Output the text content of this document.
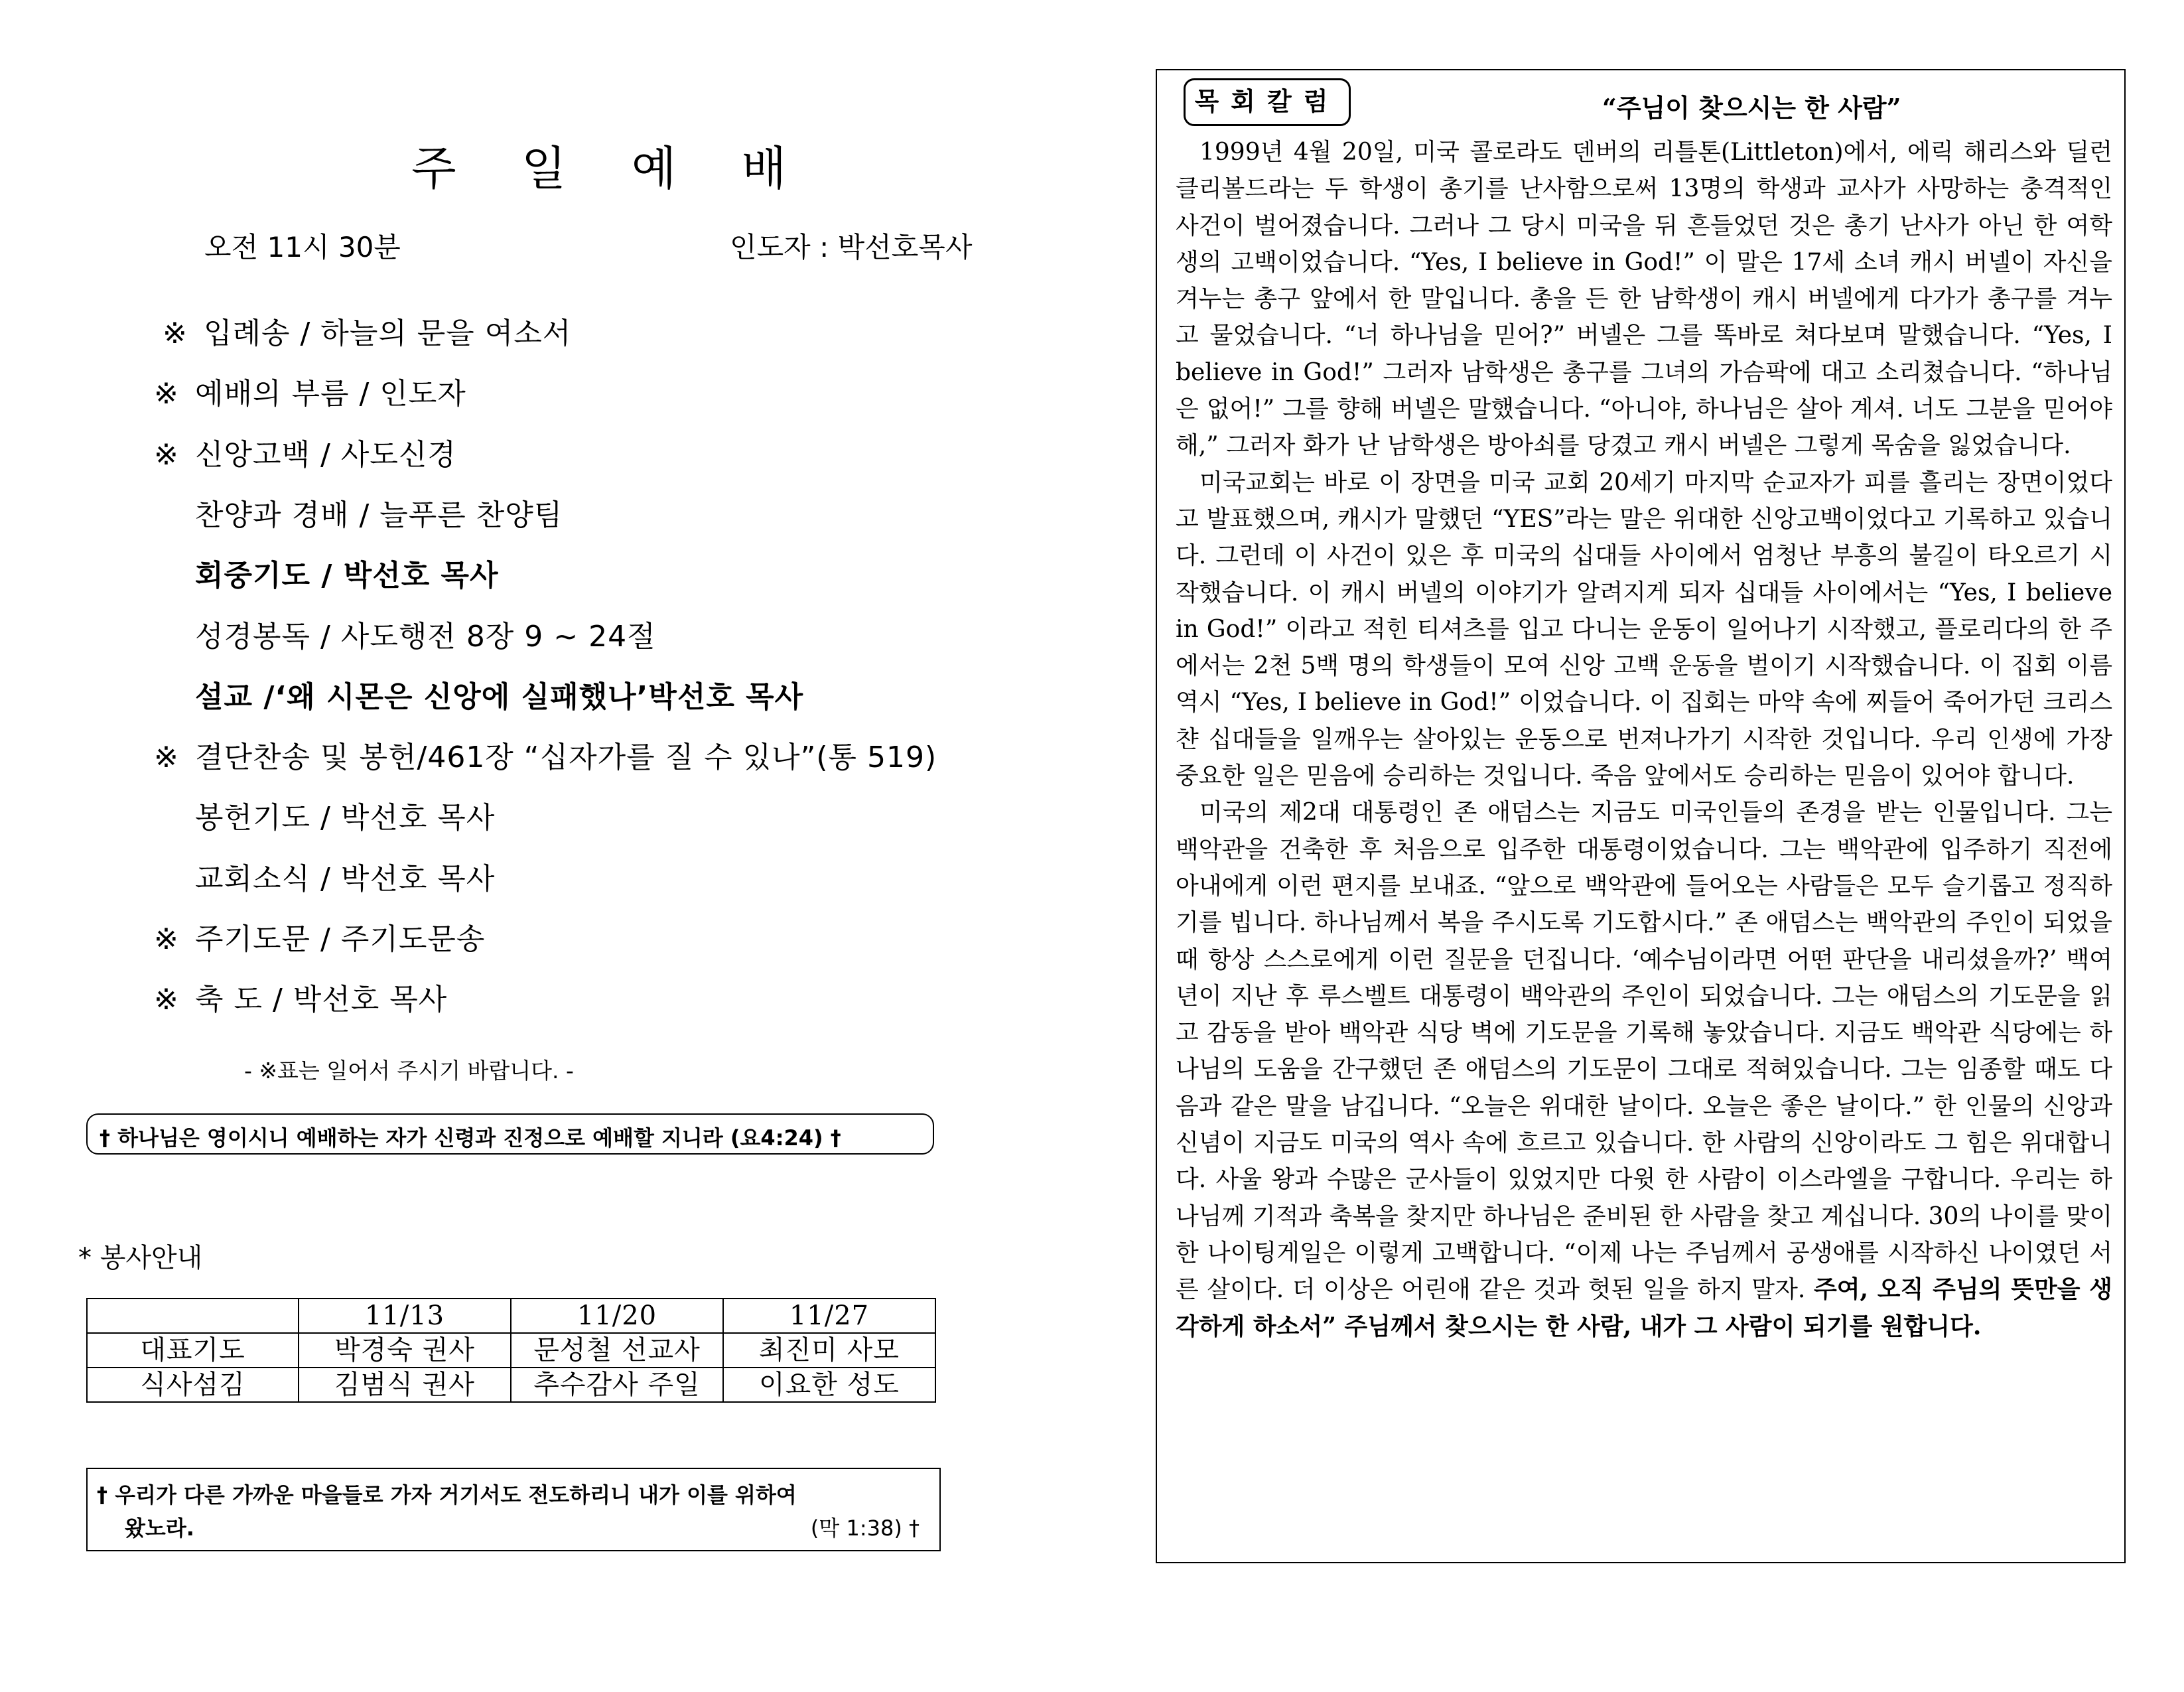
주 일 예 배
오전 11시 30분	인도자 : 박선호목사
※ 입례송 / 하늘의 문을 여소서
※ 예배의 부름 / 인도자
※ 신앙고백 / 사도신경
찬양과 경배 / 늘푸른 찬양팀
회중기도 / 박선호 목사
성경봉독 / 사도행전 8장 9 ~ 24절
설교 /‘왜 시몬은 신앙에 실패했나’박선호 목사
※ 결단찬송 및 봉헌/461장 “십자가를 질 수 있나”(통 519)
봉헌기도 / 박선호 목사
교회소식 / 박선호 목사
※ 주기도문 / 주기도문송
※ 축 도 / 박선호 목사
- ※표는 일어서 주시기 바랍니다. -
† 하나님은 영이시니 예배하는 자가 신령과 진정으로 예배할 지니라 (요4:24) †
* 봉사안내
	11/13	11/20	11/27
대표기도	박경숙 권사	문성철 선교사	최진미 사모
식사섬김	김범식 권사	추수감사 주일	이요한 성도
† 우리가 다른 가까운 마을들로 가자 거기서도 전도하리니 내가 이를 위하여
왔노라.	(막 1:38) †
목회칼럼	“주님이 찾으시는 한 사람”

1999년 4월 20일, 미국 콜로라도 덴버의 리틀톤(Littleton)에서, 에릭 해리스와 딜런 클리볼드라는 두 학생이 총기를 난사함으로써 13명의 학생과 교사가 사망하는 충격적인 사건이 벌어졌습니다. 그러나 그 당시 미국을 뒤 흔들었던 것은 총기 난사가 아닌 한 여학생의 고백이었습니다. “Yes, I believe in God!” 이 말은 17세 소녀 캐시 버넬이 자신을 겨누는 총구 앞에서 한 말입니다. 총을 든 한 남학생이 캐시 버넬에게 다가가 총구를 겨누고 물었습니다. “너 하나님을 믿어?” 버넬은 그를 똑바로 쳐다보며 말했습니다. “Yes, I believe in God!” 그러자 남학생은 총구를 그녀의 가슴팍에 대고 소리쳤습니다. “하나님은 없어!” 그를 향해 버넬은 말했습니다. “아니야, 하나님은 살아 계셔. 너도 그분을 믿어야 해,” 그러자 화가 난 남학생은 방아쇠를 당겼고 캐시 버넬은 그렇게 목숨을 잃었습니다.

미국교회는 바로 이 장면을 미국 교회 20세기 마지막 순교자가 피를 흘리는 장면이었다고 발표했으며, 캐시가 말했던 “YES”라는 말은 위대한 신앙고백이었다고 기록하고 있습니다. 그런데 이 사건이 있은 후 미국의 십대들 사이에서 엄청난 부흥의 불길이 타오르기 시작했습니다. 이 캐시 버넬의 이야기가 알려지게 되자 십대들 사이에서는 “Yes, I believe in God!” 이라고 적힌 티셔츠를 입고 다니는 운동이 일어나기 시작했고, 플로리다의 한 주에서는 2천 5백 명의 학생들이 모여 신앙 고백 운동을 벌이기 시작했습니다. 이 집회 이름 역시 “Yes, I believe in God!” 이었습니다. 이 집회는 마약 속에 찌들어 죽어가던 크리스챤 십대들을 일깨우는 살아있는 운동으로 번져나가기 시작한 것입니다. 우리 인생에 가장 중요한 일은 믿음에 승리하는 것입니다. 죽음 앞에서도 승리하는 믿음이 있어야 합니다.

미국의 제2대 대통령인 존 애덤스는 지금도 미국인들의 존경을 받는 인물입니다. 그는 백악관을 건축한 후 처음으로 입주한 대통령이었습니다. 그는 백악관에 입주하기 직전에 아내에게 이런 편지를 보내죠. “앞으로 백악관에 들어오는 사람들은 모두 슬기롭고 정직하기를 빕니다. 하나님께서 복을 주시도록 기도합시다.” 존 애덤스는 백악관의 주인이 되었을 때 항상 스스로에게 이런 질문을 던집니다. ‘예수님이라면 어떤 판단을 내리셨을까?’ 백여 년이 지난 후 루스벨트 대통령이 백악관의 주인이 되었습니다. 그는 애덤스의 기도문을 읽고 감동을 받아 백악관 식당 벽에 기도문을 기록해 놓았습니다. 지금도 백악관 식당에는 하나님의 도움을 간구했던 존 애덤스의 기도문이 그대로 적혀있습니다. 그는 임종할 때도 다음과 같은 말을 남깁니다. “오늘은 위대한 날이다. 오늘은 좋은 날이다.” 한 인물의 신앙과 신념이 지금도 미국의 역사 속에 흐르고 있습니다. 한 사람의 신앙이라도 그 힘은 위대합니다. 사울 왕과 수많은 군사들이 있었지만 다윗 한 사람이 이스라엘을 구합니다. 우리는 하나님께 기적과 축복을 찾지만 하나님은 준비된 한 사람을 찾고 계십니다. 30의 나이를 맞이한 나이팅게일은 이렇게 고백합니다. “이제 나는 주님께서 공생애를 시작하신 나이였던 서른 살이다. 더 이상은 어린애 같은 것과 헛된 일을 하지 말자. 주여, 오직 주님의 뜻만을 생각하게 하소서” 주님께서 찾으시는 한 사람, 내가 그 사람이 되기를 원합니다.
